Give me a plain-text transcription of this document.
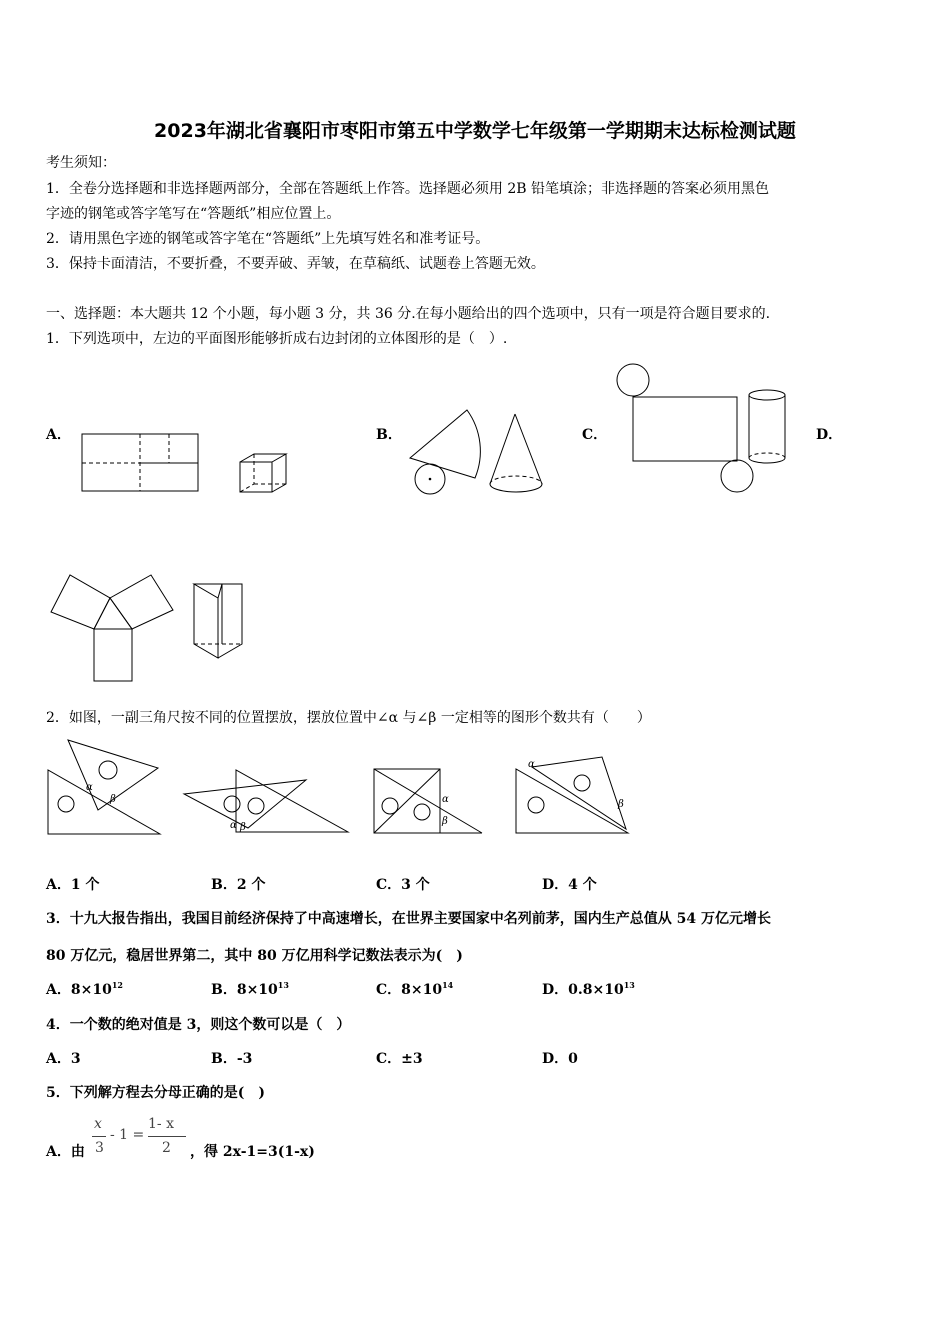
2023年湖北省襄阳市枣阳市第五中学数学七年级第一学期期末达标检测试题
考生须知：
1．全卷分选择题和非选择题两部分，全部在答题纸上作答。选择题必须用 2B 铅笔填涂；非选择题的答案必须用黑色
字迹的钢笔或答字笔写在“答题纸”相应位置上。
2．请用黑色字迹的钢笔或答字笔在“答题纸”上先填写姓名和准考证号。
3．保持卡面清洁，不要折叠，不要弄破、弄皱，在草稿纸、试题卷上答题无效。
一、选择题：本大题共 12 个小题，每小题 3 分，共 36 分.在每小题给出的四个选项中，只有一项是符合题目要求的.
1．下列选项中，左边的平面图形能够折成右边封闭的立体图形的是（　）.
A．	B．	C．	D．
2．如图，一副三角尺按不同的位置摆放，摆放位置中∠α 与∠β 一定相等的图形个数共有（　　）
α
β
α β
α
β
α
β
A．1 个	B．2 个	C．3 个	D．4 个
3．十九大报告指出，我国目前经济保持了中高速增长，在世界主要国家中名列前茅，国内生产总值从 54 万亿元增长
80 万亿元，稳居世界第二，其中 80 万亿用科学记数法表示为(　)
A．$8\times 10^{12}$	B．$8\times 10^{13}$	C．$8\times 10^{14}$	D．$0.8\times 10^{13}$
4．一个数的绝对值是 3，则这个数可以是（　）
A．3	B．-3	C．±3	D．0
5．下列解方程去分母正确的是(　)
A．由
x
3
- 1 =
1- x
2 ，得 2x-1=3(1-x)
